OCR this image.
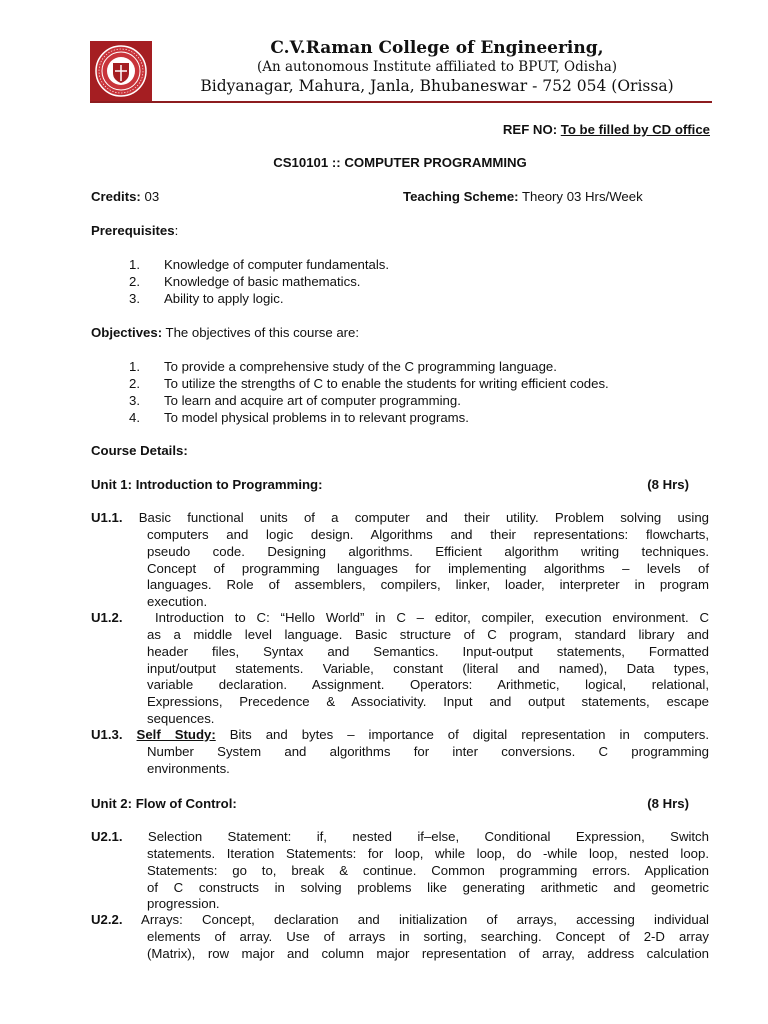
C.V.Raman College of Engineering,
(An autonomous Institute affiliated to BPUT, Odisha)
Bidyanagar, Mahura, Janla, Bhubaneswar - 752 054 (Orissa)
REF NO: To be filled by CD office
CS10101 :: COMPUTER PROGRAMMING
Credits: 03	Teaching Scheme: Theory 03 Hrs/Week
Prerequisites:
1. Knowledge of computer fundamentals.
2. Knowledge of basic mathematics.
3. Ability to apply logic.
Objectives: The objectives of this course are:
1. To provide a comprehensive study of the C programming language.
2. To utilize the strengths of C to enable the students for writing efficient codes.
3. To learn and acquire art of computer programming.
4. To model physical problems in to relevant programs.
Course Details:
Unit 1: Introduction to Programming:	(8 Hrs)
U1.1. Basic functional units of a computer and their utility. Problem solving using
computers and logic design. Algorithms and their representations: flowcharts,
pseudo code. Designing algorithms. Efficient algorithm writing techniques.
Concept of programming languages for implementing algorithms – levels of
languages. Role of assemblers, compilers, linker, loader, interpreter in program
execution.
U1.2. Introduction to C: “Hello World” in C – editor, compiler, execution environment. C
as a middle level language. Basic structure of C program, standard library and
header files, Syntax and Semantics. Input-output statements, Formatted
input/output statements. Variable, constant (literal and named), Data types,
variable declaration. Assignment. Operators: Arithmetic, logical, relational,
Expressions, Precedence & Associativity. Input and output statements, escape
sequences.
U1.3. Self Study: Bits and bytes – importance of digital representation in computers.
Number System and algorithms for inter conversions. C programming
environments.
Unit 2: Flow of Control:	(8 Hrs)
U2.1. Selection Statement: if, nested if–else, Conditional Expression, Switch
statements. Iteration Statements: for loop, while loop, do -while loop, nested loop.
Statements: go to, break & continue. Common programming errors. Application
of C constructs in solving problems like generating arithmetic and geometric
progression.
U2.2. Arrays: Concept, declaration and initialization of arrays, accessing individual
elements of array. Use of arrays in sorting, searching. Concept of 2-D array
(Matrix), row major and column major representation of array, address calculation
